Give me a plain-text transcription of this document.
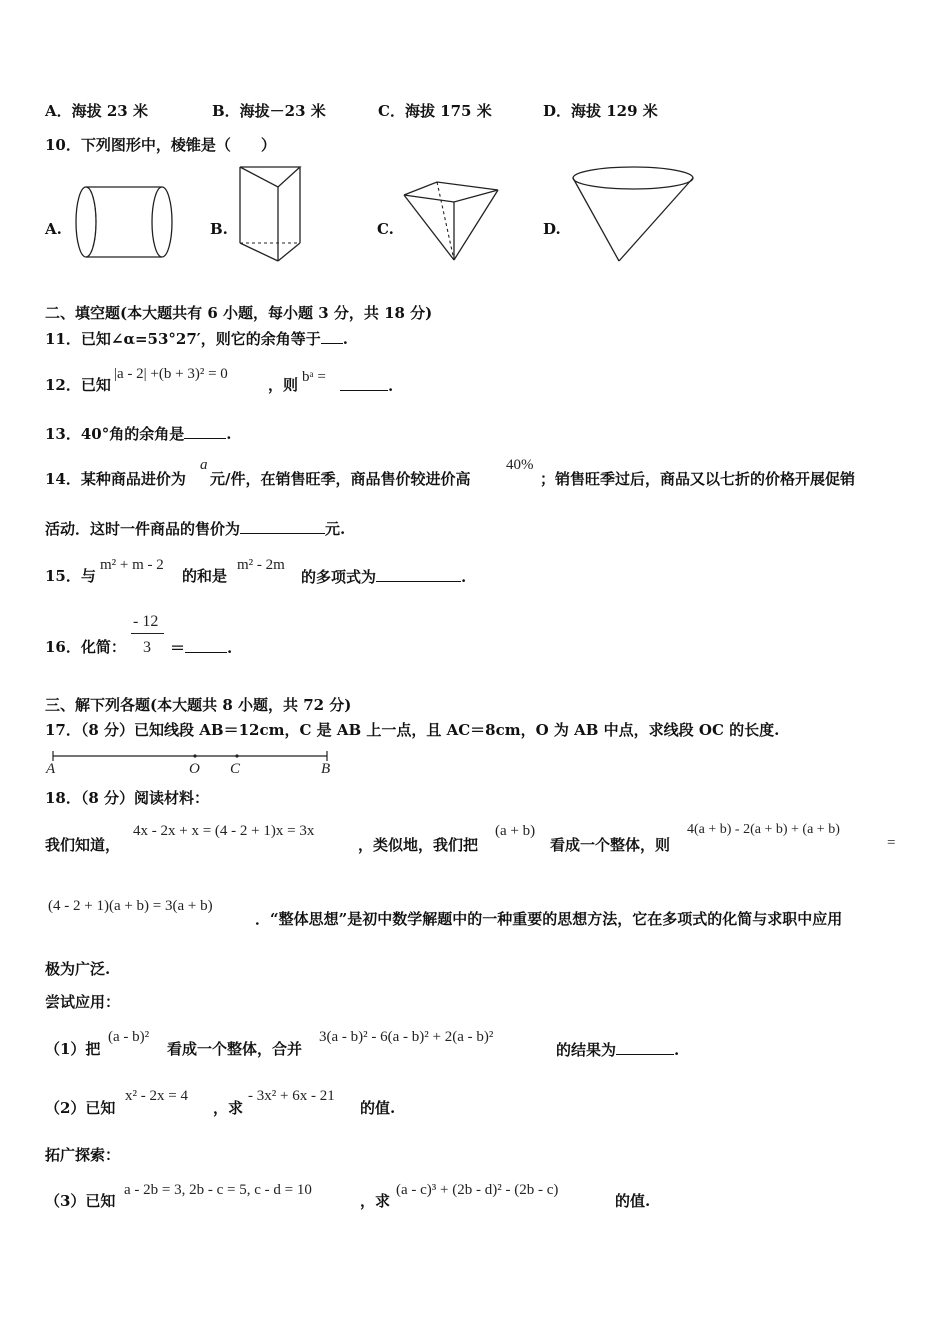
A．海拔 23 米	B．海拔－23 米	C．海拔 175 米	D．海拔 129 米
10．下列图形中，棱锥是（　　）
A.	B.	C.	D.
二、填空题(本大题共有 6 小题，每小题 3 分，共 18 分)
11．已知∠α=53°27′，则它的余角等于 .
12．已知
|a - 2| +(b + 3)² = 0
，则 bᵃ =	.
13．40°角的余角是	.
14．某种商品进价为
a
元/件，在销售旺季，商品售价较进价高
40%
；销售旺季过后，商品又以七折的价格开展促销
活动．这时一件商品的售价为	元.
15．与
m² + m - 2
的和是
m² - 2m
的多项式为	.
16．化简：
- 12
3 ＝	.
三、解下列各题(本大题共 8 小题，共 72 分)
17．（8 分）已知线段 AB＝12cm，C 是 AB 上一点，且 AC＝8cm，O 为 AB 中点，求线段 OC 的长度.
A	O C	B
18．（8 分）阅读材料：
我们知道，
4x - 2x + x = (4 - 2 + 1)x = 3x
，类似地，我们把
(a + b)
看成一个整体，则
4(a + b) - 2(a + b) + (a + b)
=
(4 - 2 + 1)(a + b) = 3(a + b)
．“整体思想”是初中数学解题中的一种重要的思想方法，它在多项式的化简与求职中应用
极为广泛.
尝试应用：
（1）把
(a - b)²
看成一个整体，合并
3(a - b)² - 6(a - b)² + 2(a - b)²
的结果为	.
（2）已知
x² - 2x = 4
，求
- 3x² + 6x - 21
的值.
拓广探索：
（3）已知
a - 2b = 3, 2b - c = 5, c - d = 10
，求
(a - c)³ + (2b - d)² - (2b - c)
的值.
